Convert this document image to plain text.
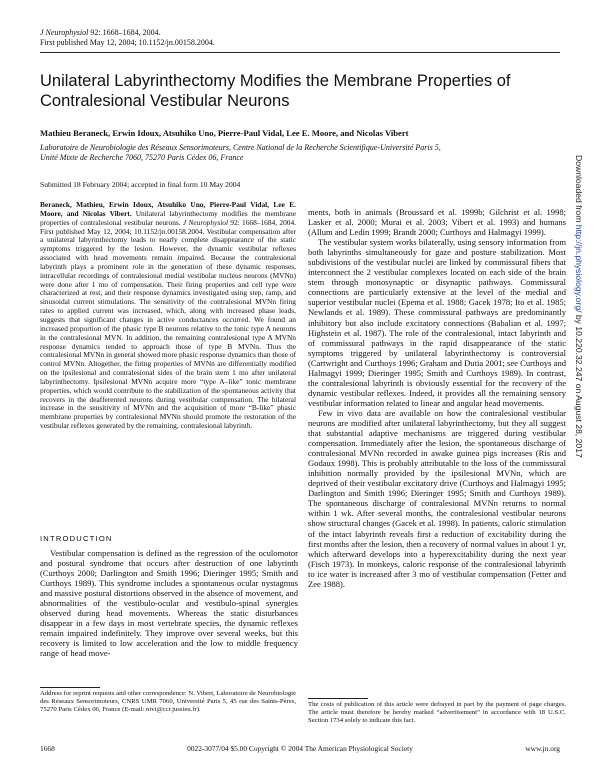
J Neurophysiol 92: 1668–1684, 2004.
First published May 12, 2004; 10.1152/jn.00158.2004.
Unilateral Labyrinthectomy Modifies the Membrane Properties of
Contralesional Vestibular Neurons
Mathieu Beraneck, Erwin Idoux, Atsuhiko Uno, Pierre-Paul Vidal, Lee E. Moore, and Nicolas Vibert
Laboratoire de Neurobiologie des Réseaux Sensorimoteurs, Centre National de la Recherche Scientifique-Université Paris 5,
Unité Mixte de Recherche 7060, 75270 Paris Cédex 06, France
Submitted 18 February 2004; accepted in final form 10 May 2004

Beraneck, Mathieu, Erwin Idoux, Atsuhiko Uno, Pierre-Paul Vidal, Lee E. Moore, and Nicolas Vibert. Unilateral labyrinthectomy modifies the membrane properties of contralesional vestibular neurons. J Neurophysiol 92: 1668–1684, 2004. First published May 12, 2004; 10.1152/jn.00158.2004. Vestibular compensation after a unilateral labyrinthectomy leads to nearly complete disappearance of the static symptoms triggered by the lesion. However, the dynamic vestibular reflexes associated with head movements remain impaired. Because the contralesional labyrinth plays a prominent role in the generation of these dynamic responses, intracellular recordings of contralesional medial vestibular nucleus neurons (MVNn) were done after 1 mo of compensation. Their firing properties and cell type were characterized at rest, and their response dynamics investigated using step, ramp, and sinusoidal current stimulations. The sensitivity of the contralesional MVNn firing rates to applied current was increased, which, along with increased phase leads, suggests that significant changes in active conductances occurred. We found an increased proportion of the phasic type B neurons relative to the tonic type A neurons in the contralesional MVN. In addition, the remaining contralesional type A MVNn response dynamics tended to approach those of type B MVNn. Thus the contralesional MVNn in general showed more phasic response dynamics than those of control MVNn. Altogether, the firing properties of MVNn are differentially modified on the ipsilesional and contralesional sides of the brain stem 1 mo after unilateral labyrinthectomy. Ipsilesional MVNn acquire more “type A–like” tonic membrane properties, which would contribute to the stabilization of the spontaneous activity that recovers in the deafferented neurons during vestibular compensation. The bilateral increase in the sensitivity of MVNn and the acquisition of more “B-like” phasic membrane properties by contralesional MVNn should promote the restoration of the vestibular reflexes generated by the remaining, contralesional labyrinth.

INTRODUCTION

Vestibular compensation is defined as the regression of the oculomotor and postural syndrome that occurs after destruction of one labyrinth (Curthoys 2000; Darlington and Smith 1996; Dieringer 1995; Smith and Curthoys 1989). This syndrome includes a spontaneous ocular nystagmus and massive postural distortions observed in the absence of movement, and abnormalities of the vestibulo-ocular and vestibulo-spinal synergies observed during head movements. Whereas the static disturbances disappear in a few days in most vertebrate species, the dynamic reflexes remain impaired indefinitely. They improve over several weeks, but this recovery is limited to low acceleration and the low to middle frequency range of head move-

ments, both in animals (Broussard et al. 1999b; Gilchrist et al. 1998; Lasker et al. 2000; Murai et al. 2003; Vibert et al. 1993) and humans (Allum and Ledin 1999; Brandt 2000; Curthoys and Halmagyi 1999).

The vestibular system works bilaterally, using sensory information from both labyrinths simultaneously for gaze and posture stabilization. Most subdivisions of the vestibular nuclei are linked by commissural fibers that interconnect the 2 vestibular complexes located on each side of the brain stem through monosynaptic or disynaptic pathways. Commissural connections are particularly extensive at the level of the medial and superior vestibular nuclei (Epema et al. 1988; Gacek 1978; Ito et al. 1985; Newlands et al. 1989). These commissural pathways are predominantly inhibitory but also include excitatory connections (Babalian et al. 1997; Highstein et al. 1987). The role of the contralesional, intact labyrinth and of commissural pathways in the rapid disappearance of the static symptoms triggered by unilateral labyrinthectomy is controversial (Cartwright and Curthoys 1996; Graham and Dutia 2001; see Curthoys and Halmagyi 1999; Dieringer 1995; Smith and Curthoys 1989). In contrast, the contralesional labyrinth is obviously essential for the recovery of the dynamic vestibular reflexes. Indeed, it provides all the remaining sensory vestibular information related to linear and angular head movements.

Few in vivo data are available on how the contralesional vestibular neurons are modified after unilateral labyrinthectomy, but they all suggest that substantial adaptive mechanisms are triggered during vestibular compensation. Immediately after the lesion, the spontaneous discharge of contralesional MVNn recorded in awake guinea pigs increases (Ris and Godaux 1998). This is probably attributable to the loss of the commissural inhibition normally provided by the ipsilesional MVNn, which are deprived of their vestibular excitatory drive (Curthoys and Halmagyi 1995; Darlington and Smith 1996; Dieringer 1995; Smith and Curthoys 1989). The spontaneous discharge of contralesional MVNn returns to normal within 1 wk. After several months, the contralesional vestibular neurons show structural changes (Gacek et al. 1998). In patients, caloric stimulation of the intact labyrinth reveals first a reduction of excitability during the first months after the lesion, then a recovery of normal values in about 1 yr, which afterward develops into a hyperexcitability during the next year (Fisch 1973). In monkeys, caloric response of the contralesional labyrinth to ice water is increased after 3 mo of vestibular compensation (Fetter and Zee 1988).

Address for reprint requests and other correspondence: N. Vibert, Laboratoire de Neurobiologie des Réseaux Sensorimoteurs, CNRS UMR 7060, Université Paris 5, 45 rue des Saints-Pères, 75270 Paris Cédex 06, France (E-mail: nivi@ccr.jussieu.fr).
The costs of publication of this article were defrayed in part by the payment of page charges. The article must therefore be hereby marked “advertisement” in accordance with 18 U.S.C. Section 1734 solely to indicate this fact.
1668	0022-3077/04 $5.00 Copyright © 2004 The American Physiological Society	www.jn.org
Downloaded from http://jn.physiology.org/ by 10.220.32.247 on August 28, 2017
